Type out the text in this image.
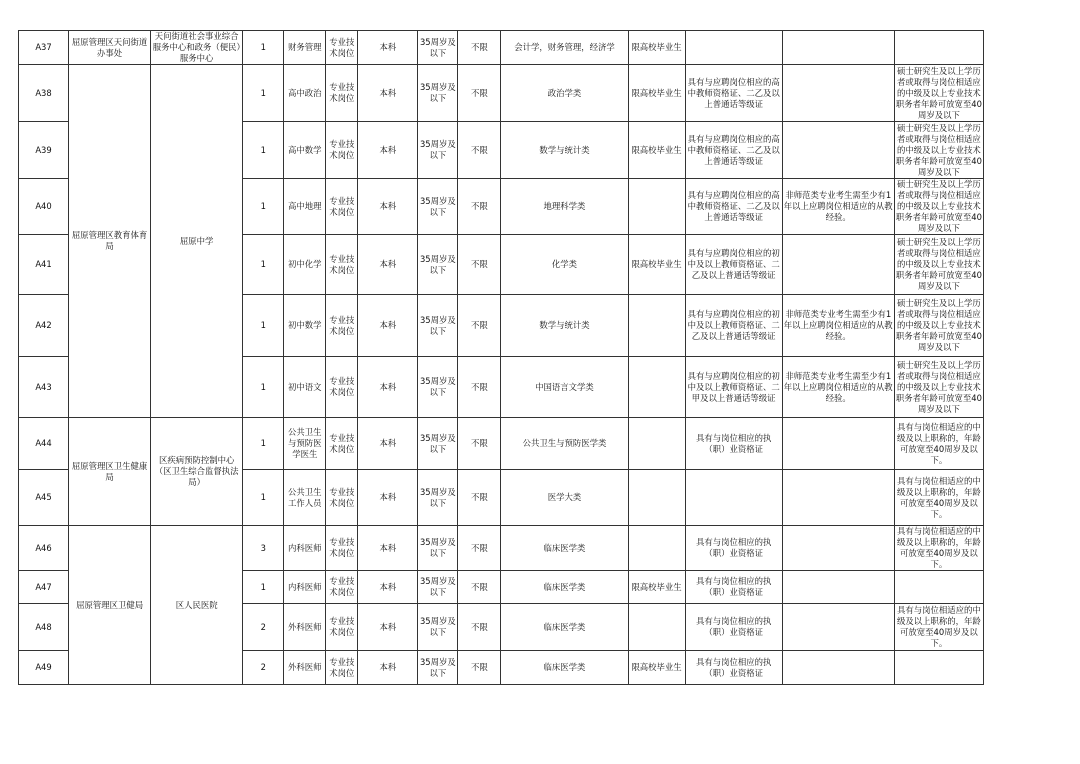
A37	屈原管理区天问街道办事处	天问街道社会事业综合服务中心和政务（便民）服务中心	1	财务管理	专业技术岗位	本科	35周岁及以下	不限	会计学，财务管理，经济学	限高校毕业生			
A38	屈原管理区教育体育局	屈原中学	1	高中政治	专业技术岗位	本科	35周岁及以下	不限	政治学类	限高校毕业生	具有与应聘岗位相应的高中教师资格证、二乙及以上普通话等级证		硕士研究生及以上学历者或取得与岗位相适应的中级及以上专业技术职务者年龄可放宽至40周岁及以下
A39			1	高中数学	专业技术岗位	本科	35周岁及以下	不限	数学与统计类	限高校毕业生	具有与应聘岗位相应的高中教师资格证、二乙及以上普通话等级证		硕士研究生及以上学历者或取得与岗位相适应的中级及以上专业技术职务者年龄可放宽至40周岁及以下
A40			1	高中地理	专业技术岗位	本科	35周岁及以下	不限	地理科学类		具有与应聘岗位相应的高中教师资格证、二乙及以上普通话等级证	非师范类专业考生需至少有1年以上应聘岗位相适应的从教经验。	硕士研究生及以上学历者或取得与岗位相适应的中级及以上专业技术职务者年龄可放宽至40周岁及以下
A41			1	初中化学	专业技术岗位	本科	35周岁及以下	不限	化学类	限高校毕业生	具有与应聘岗位相应的初中及以上教师资格证、二乙及以上普通话等级证		硕士研究生及以上学历者或取得与岗位相适应的中级及以上专业技术职务者年龄可放宽至40周岁及以下
A42			1	初中数学	专业技术岗位	本科	35周岁及以下	不限	数学与统计类		具有与应聘岗位相应的初中及以上教师资格证、二乙及以上普通话等级证	非师范类专业考生需至少有1年以上应聘岗位相适应的从教经验。	硕士研究生及以上学历者或取得与岗位相适应的中级及以上专业技术职务者年龄可放宽至40周岁及以下
A43			1	初中语文	专业技术岗位	本科	35周岁及以下	不限	中国语言文学类		具有与应聘岗位相应的初中及以上教师资格证、二甲及以上普通话等级证	非师范类专业考生需至少有1年以上应聘岗位相适应的从教经验。	硕士研究生及以上学历者或取得与岗位相适应的中级及以上专业技术职务者年龄可放宽至40周岁及以下
A44	屈原管理区卫生健康局	区疾病预防控制中心（区卫生综合监督执法局）	1	公共卫生与预防医学医生	专业技术岗位	本科	35周岁及以下	不限	公共卫生与预防医学类		具有与岗位相应的执（职）业资格证		具有与岗位相适应的中级及以上职称的，年龄可放宽至40周岁及以下。
A45			1	公共卫生工作人员	专业技术岗位	本科	35周岁及以下	不限	医学大类				具有与岗位相适应的中级及以上职称的，年龄可放宽至40周岁及以下。
A46	屈原管理区卫健局	区人民医院	3	内科医师	专业技术岗位	本科	35周岁及以下	不限	临床医学类		具有与岗位相应的执（职）业资格证		具有与岗位相适应的中级及以上职称的，年龄可放宽至40周岁及以下。
A47			1	内科医师	专业技术岗位	本科	35周岁及以下	不限	临床医学类	限高校毕业生	具有与岗位相应的执（职）业资格证		
A48			2	外科医师	专业技术岗位	本科	35周岁及以下	不限	临床医学类		具有与岗位相应的执（职）业资格证		具有与岗位相适应的中级及以上职称的，年龄可放宽至40周岁及以下。
A49			2	外科医师	专业技术岗位	本科	35周岁及以下	不限	临床医学类	限高校毕业生	具有与岗位相应的执（职）业资格证		
